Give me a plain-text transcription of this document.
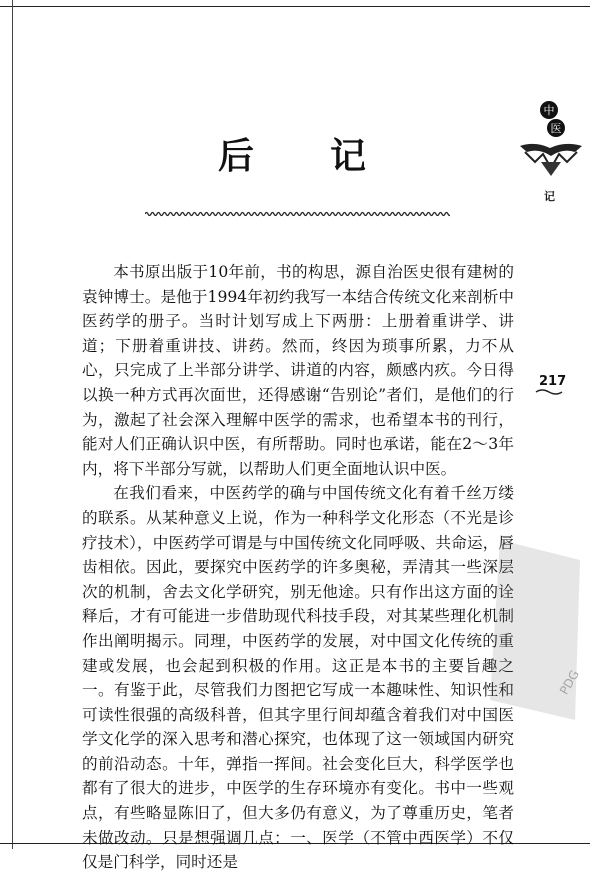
后 记
中
医
记
217

本书原出版于10年前，书的构思，源自治医史很有建树的袁钟博士。是他于1994年初约我写一本结合传统文化来剖析中医药学的册子。当时计划写成上下两册：上册着重讲学、讲道；下册着重讲技、讲药。然而，终因为琐事所累，力不从心，只完成了上半部分讲学、讲道的内容，颇感内疚。今日得以换一种方式再次面世，还得感谢“告别论”者们，是他们的行为，激起了社会深入理解中医学的需求，也希望本书的刊行，能对人们正确认识中医，有所帮助。同时也承诺，能在2～3年内，将下半部分写就，以帮助人们更全面地认识中医。

在我们看来，中医药学的确与中国传统文化有着千丝万缕的联系。从某种意义上说，作为一种科学文化形态（不光是诊疗技术），中医药学可谓是与中国传统文化同呼吸、共命运，唇齿相依。因此，要探究中医药学的许多奥秘，弄清其一些深层次的机制，舍去文化学研究，别无他途。只有作出这方面的诠释后，才有可能进一步借助现代科技手段，对其某些理化机制作出阐明揭示。同理，中医药学的发展，对中国文化传统的重建或发展，也会起到积极的作用。这正是本书的主要旨趣之一。有鉴于此，尽管我们力图把它写成一本趣味性、知识性和可读性很强的高级科普，但其字里行间却蕴含着我们对中国医学文化学的深入思考和潜心探究，也体现了这一领域国内研究的前沿动态。十年，弹指一挥间。社会变化巨大，科学医学也都有了很大的进步，中医学的生存环境亦有变化。书中一些观点，有些略显陈旧了，但大多仍有意义，为了尊重历史，笔者未做改动。只是想强调几点：一、医学（不管中西医学）不仅仅是门科学，同时还是

PDG
